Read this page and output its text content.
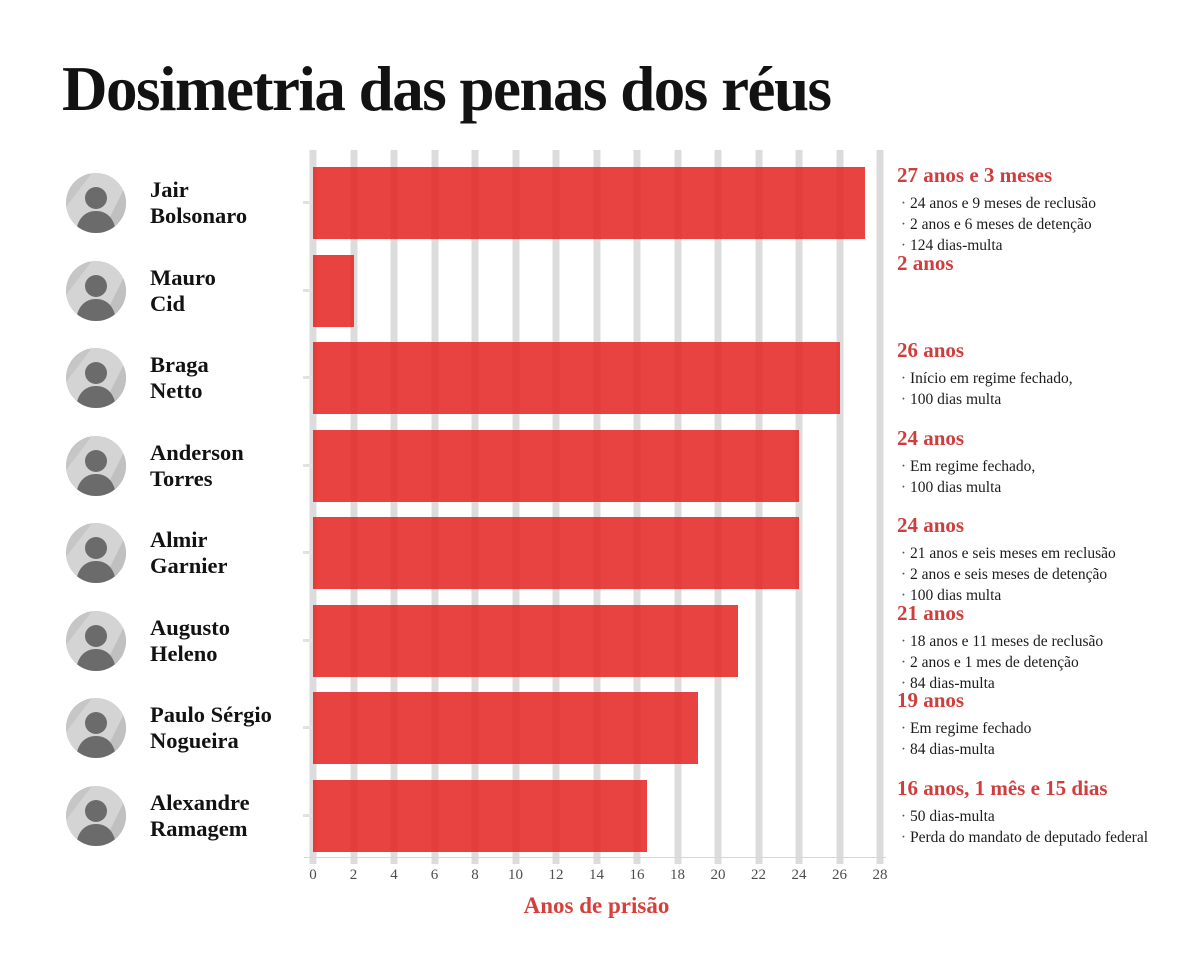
Dosimetria das penas dos réus
0 2 4 6 8 10 12 14 16 18 20 22 24 26 28
Anos de prisão
Jair
Bolsonaro
27 anos e 3 meses
· 24 anos e 9 meses de reclusão
· 2 anos e 6 meses de detenção
· 124 dias-multa
Mauro
Cid
2 anos
Braga
Netto
26 anos
· Início em regime fechado,
· 100 dias multa
Anderson
Torres
24 anos
· Em regime fechado,
· 100 dias multa
Almir
Garnier
24 anos
· 21 anos e seis meses em reclusão
· 2 anos e seis meses de detenção
· 100 dias multa
Augusto
Heleno
21 anos
· 18 anos e 11 meses de reclusão
· 2 anos e 1 mes de detenção
· 84 dias-multa
Paulo Sérgio
Nogueira
19 anos
· Em regime fechado
· 84 dias-multa
Alexandre
Ramagem
16 anos, 1 mês e 15 dias
· 50 dias-multa
· Perda do mandato de deputado federal
